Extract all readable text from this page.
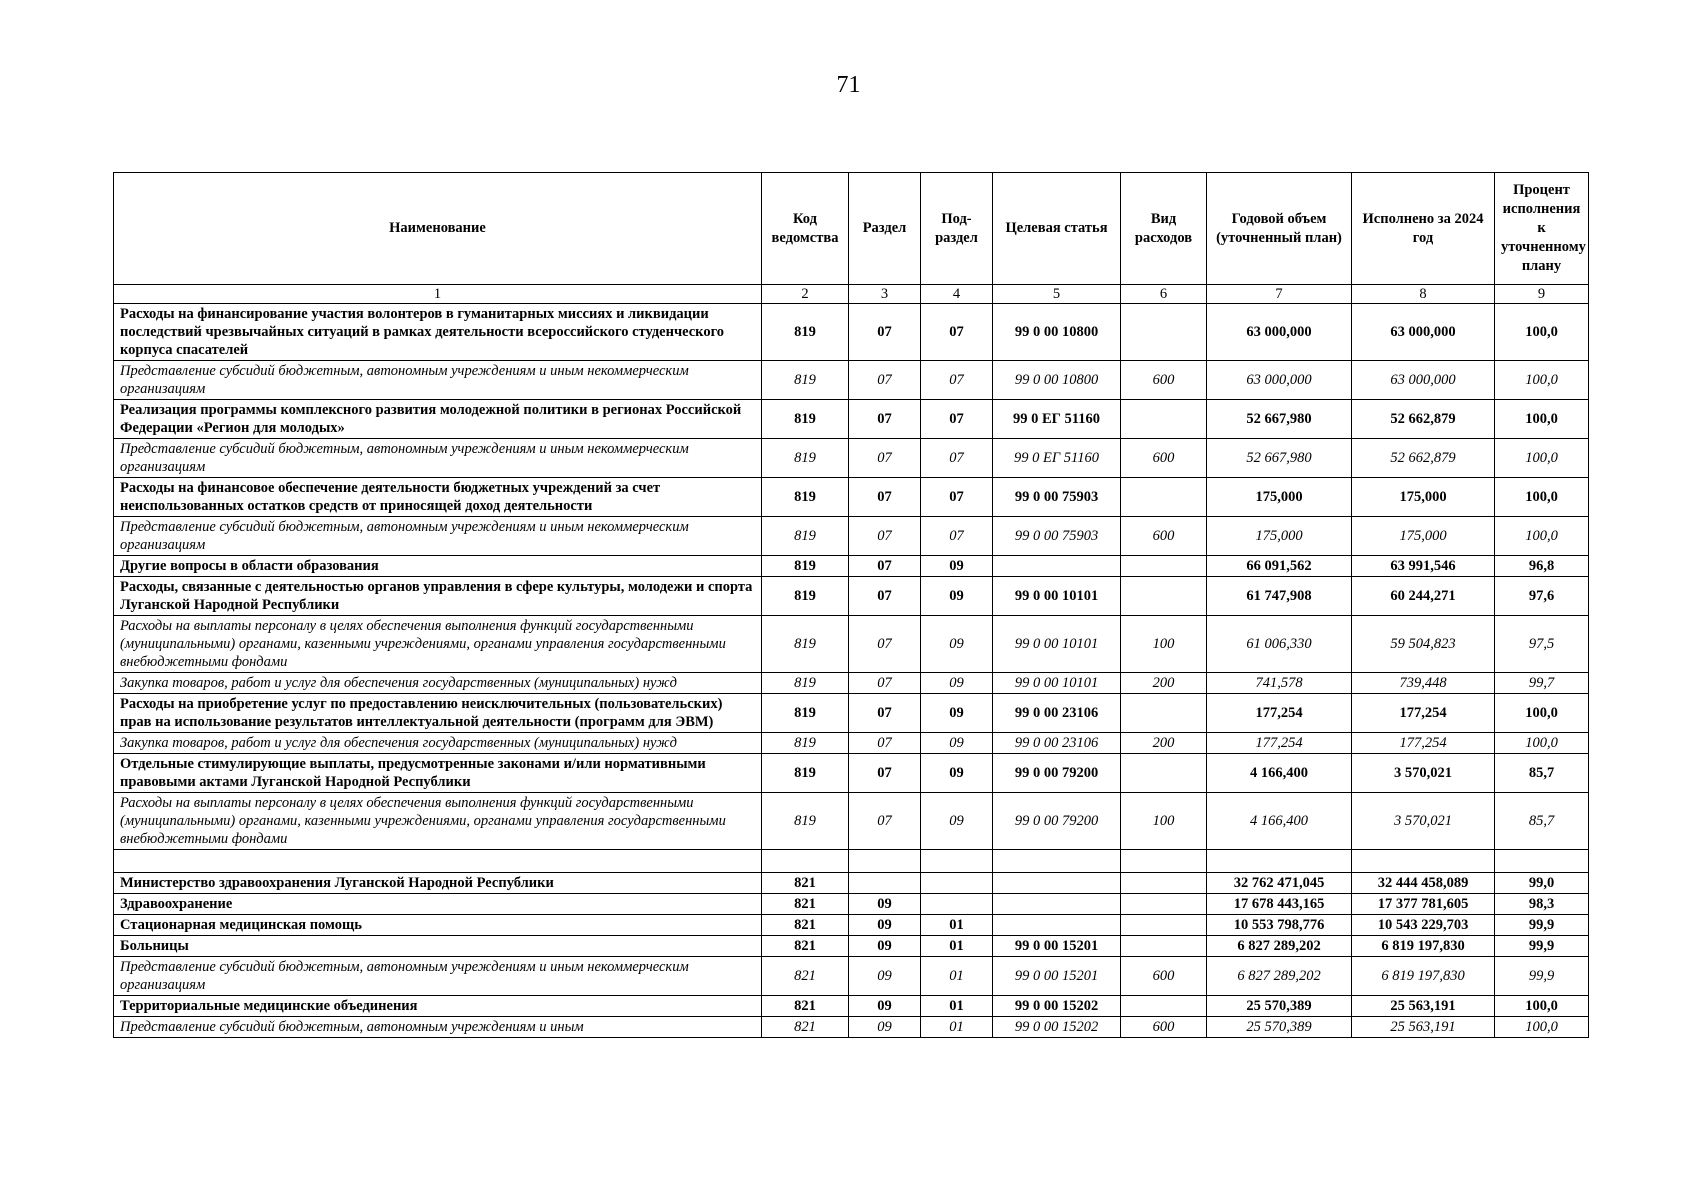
71
Наименование	Код ведомства	Раздел	Под-раздел	Целевая статья	Вид расходов	Годовой объем (уточненный план)	Исполнено за 2024 год	Процент исполнения к уточненному плану
1	2	3	4	5	6	7	8	9
Расходы на финансирование участия волонтеров в гуманитарных миссиях и ликвидации последствий чрезвычайных ситуаций в рамках деятельности всероссийского студенческого корпуса спасателей	819	07	07	99 0 00 10800		63 000,000	63 000,000	100,0
Представление субсидий бюджетным, автономным учреждениям и иным некоммерческим организациям	819	07	07	99 0 00 10800	600	63 000,000	63 000,000	100,0
Реализация программы комплексного развития молодежной политики в регионах Российской Федерации «Регион для молодых»	819	07	07	99 0 ЕГ 51160		52 667,980	52 662,879	100,0
Представление субсидий бюджетным, автономным учреждениям и иным некоммерческим организациям	819	07	07	99 0 ЕГ 51160	600	52 667,980	52 662,879	100,0
Расходы на финансовое обеспечение деятельности бюджетных учреждений за счет неиспользованных остатков средств от приносящей доход деятельности	819	07	07	99 0 00 75903		175,000	175,000	100,0
Представление субсидий бюджетным, автономным учреждениям и иным некоммерческим организациям	819	07	07	99 0 00 75903	600	175,000	175,000	100,0
Другие вопросы в области образования	819	07	09			66 091,562	63 991,546	96,8
Расходы, связанные с деятельностью органов управления в сфере культуры, молодежи и спорта Луганской Народной Республики	819	07	09	99 0 00 10101		61 747,908	60 244,271	97,6
Расходы на выплаты персоналу в целях обеспечения выполнения функций государственными (муниципальными) органами, казенными учреждениями, органами управления государственными внебюджетными фондами	819	07	09	99 0 00 10101	100	61 006,330	59 504,823	97,5
Закупка товаров, работ и услуг для обеспечения государственных (муниципальных) нужд	819	07	09	99 0 00 10101	200	741,578	739,448	99,7
Расходы на приобретение услуг по предоставлению неисключительных (пользовательских) прав на использование результатов интеллектуальной деятельности (программ для ЭВМ)	819	07	09	99 0 00 23106		177,254	177,254	100,0
Закупка товаров, работ и услуг для обеспечения государственных (муниципальных) нужд	819	07	09	99 0 00 23106	200	177,254	177,254	100,0
Отдельные стимулирующие выплаты, предусмотренные законами и/или нормативными правовыми актами Луганской Народной Республики	819	07	09	99 0 00 79200		4 166,400	3 570,021	85,7
Расходы на выплаты персоналу в целях обеспечения выполнения функций государственными (муниципальными) органами, казенными учреждениями, органами управления государственными внебюджетными фондами	819	07	09	99 0 00 79200	100	4 166,400	3 570,021	85,7

Министерство здравоохранения Луганской Народной Республики	821					32 762 471,045	32 444 458,089	99,0
Здравоохранение	821	09				17 678 443,165	17 377 781,605	98,3
Стационарная медицинская помощь	821	09	01			10 553 798,776	10 543 229,703	99,9
Больницы	821	09	01	99 0 00 15201		6 827 289,202	6 819 197,830	99,9
Представление субсидий бюджетным, автономным учреждениям и иным некоммерческим организациям	821	09	01	99 0 00 15201	600	6 827 289,202	6 819 197,830	99,9
Территориальные медицинские объединения	821	09	01	99 0 00 15202		25 570,389	25 563,191	100,0
Представление субсидий бюджетным, автономным учреждениям и иным	821	09	01	99 0 00 15202	600	25 570,389	25 563,191	100,0
